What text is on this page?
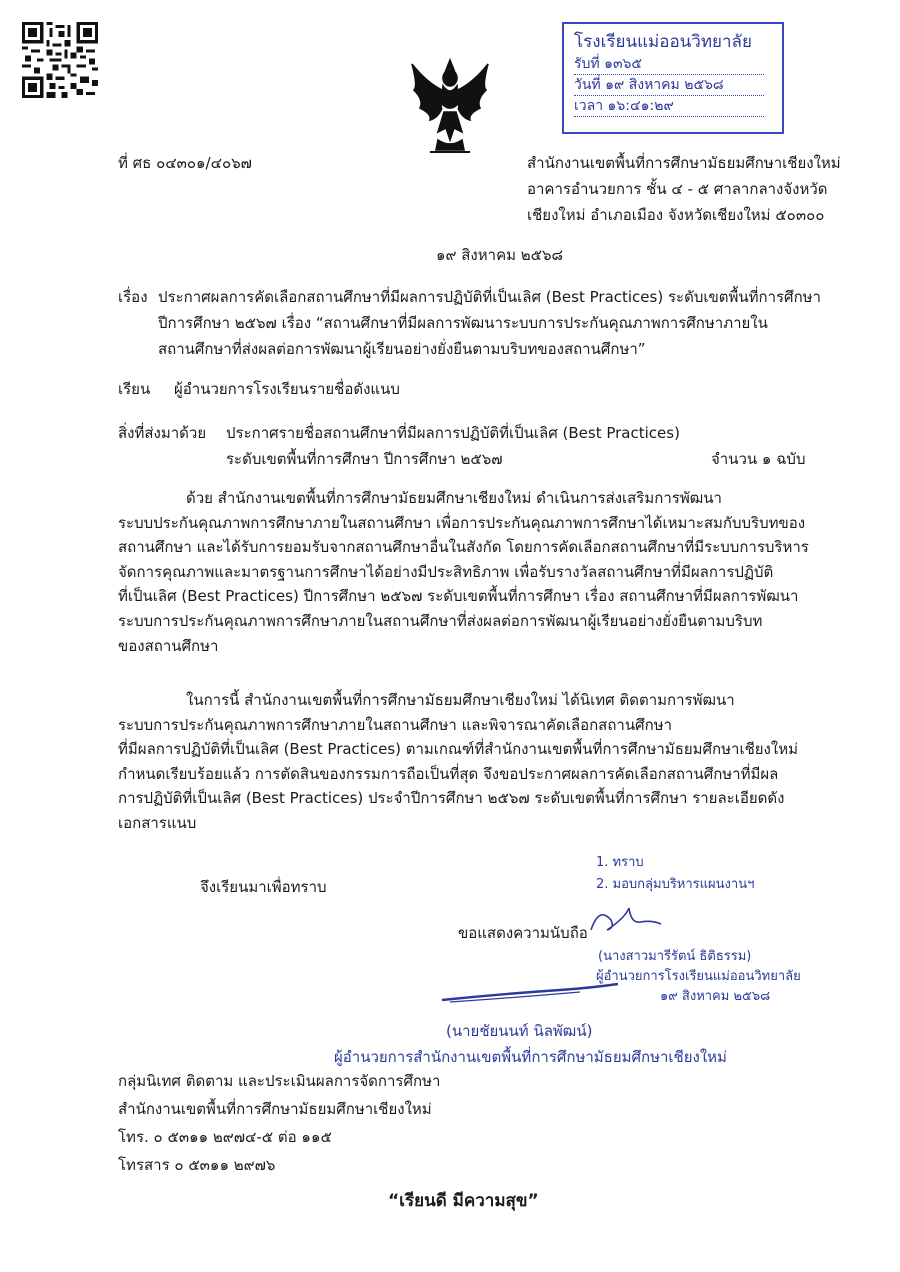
โรงเรียนแม่ออนวิทยาลัย
รับที่ ๑๓๖๕
วันที่ ๑๙ สิงหาคม ๒๕๖๘
เวลา ๑๖:๔๑:๒๙
ที่ ศธ ๐๔๓๐๑/๔๐๖๗	สำนักงานเขตพื้นที่การศึกษามัธยมศึกษาเชียงใหม่
อาคารอำนวยการ ชั้น ๔ - ๕ ศาลากลางจังหวัด
เชียงใหม่ อำเภอเมือง จังหวัดเชียงใหม่ ๕๐๓๐๐
๑๙ สิงหาคม ๒๕๖๘
เรื่อง ประกาศผลการคัดเลือกสถานศึกษาที่มีผลการปฏิบัติที่เป็นเลิศ (Best Practices) ระดับเขตพื้นที่การศึกษา
ปีการศึกษา ๒๕๖๗ เรื่อง “สถานศึกษาที่มีผลการพัฒนาระบบการประกันคุณภาพการศึกษาภายใน
สถานศึกษาที่ส่งผลต่อการพัฒนาผู้เรียนอย่างยั่งยืนตามบริบทของสถานศึกษา”
เรียน ผู้อำนวยการโรงเรียนรายชื่อดังแนบ
สิ่งที่ส่งมาด้วย ประกาศรายชื่อสถานศึกษาที่มีผลการปฏิบัติที่เป็นเลิศ (Best Practices)
ระดับเขตพื้นที่การศึกษา ปีการศึกษา ๒๕๖๗	จำนวน ๑ ฉบับ
ด้วย สำนักงานเขตพื้นที่การศึกษามัธยมศึกษาเชียงใหม่ ดำเนินการส่งเสริมการพัฒนา
ระบบประกันคุณภาพการศึกษาภายในสถานศึกษา เพื่อการประกันคุณภาพการศึกษาได้เหมาะสมกับบริบทของ
สถานศึกษา และได้รับการยอมรับจากสถานศึกษาอื่นในสังกัด โดยการคัดเลือกสถานศึกษาที่มีระบบการบริหาร
จัดการคุณภาพและมาตรฐานการศึกษาได้อย่างมีประสิทธิภาพ เพื่อรับรางวัลสถานศึกษาที่มีผลการปฏิบัติ
ที่เป็นเลิศ (Best Practices) ปีการศึกษา ๒๕๖๗ ระดับเขตพื้นที่การศึกษา เรื่อง สถานศึกษาที่มีผลการพัฒนา
ระบบการประกันคุณภาพการศึกษาภายในสถานศึกษาที่ส่งผลต่อการพัฒนาผู้เรียนอย่างยั่งยืนตามบริบท
ของสถานศึกษา
ในการนี้ สำนักงานเขตพื้นที่การศึกษามัธยมศึกษาเชียงใหม่ ได้นิเทศ ติดตามการพัฒนา
ระบบการประกันคุณภาพการศึกษาภายในสถานศึกษา และพิจารณาคัดเลือกสถานศึกษา
ที่มีผลการปฏิบัติที่เป็นเลิศ (Best Practices) ตามเกณฑ์ที่สำนักงานเขตพื้นที่การศึกษามัธยมศึกษาเชียงใหม่
กำหนดเรียบร้อยแล้ว การตัดสินของกรรมการถือเป็นที่สุด จึงขอประกาศผลการคัดเลือกสถานศึกษาที่มีผล
การปฏิบัติที่เป็นเลิศ (Best Practices) ประจำปีการศึกษา ๒๕๖๗ ระดับเขตพื้นที่การศึกษา รายละเอียดดัง
เอกสารแนบ
จึงเรียนมาเพื่อทราบ
1. ทราบ
2. มอบกลุ่มบริหารแผนงานฯ
ขอแสดงความนับถือ
(นางสาวมารีรัตน์ ธิติธรรม)
ผู้อำนวยการโรงเรียนแม่ออนวิทยาลัย
๑๙ สิงหาคม ๒๕๖๘
(นายชัยนนท์ นิลพัฒน์)
ผู้อำนวยการสำนักงานเขตพื้นที่การศึกษามัธยมศึกษาเชียงใหม่
กลุ่มนิเทศ ติดตาม และประเมินผลการจัดการศึกษา
สำนักงานเขตพื้นที่การศึกษามัธยมศึกษาเชียงใหม่
โทร. ๐ ๕๓๑๑ ๒๙๗๔-๕ ต่อ ๑๑๕
โทรสาร ๐ ๕๓๑๑ ๒๙๗๖
“เรียนดี มีความสุข”
